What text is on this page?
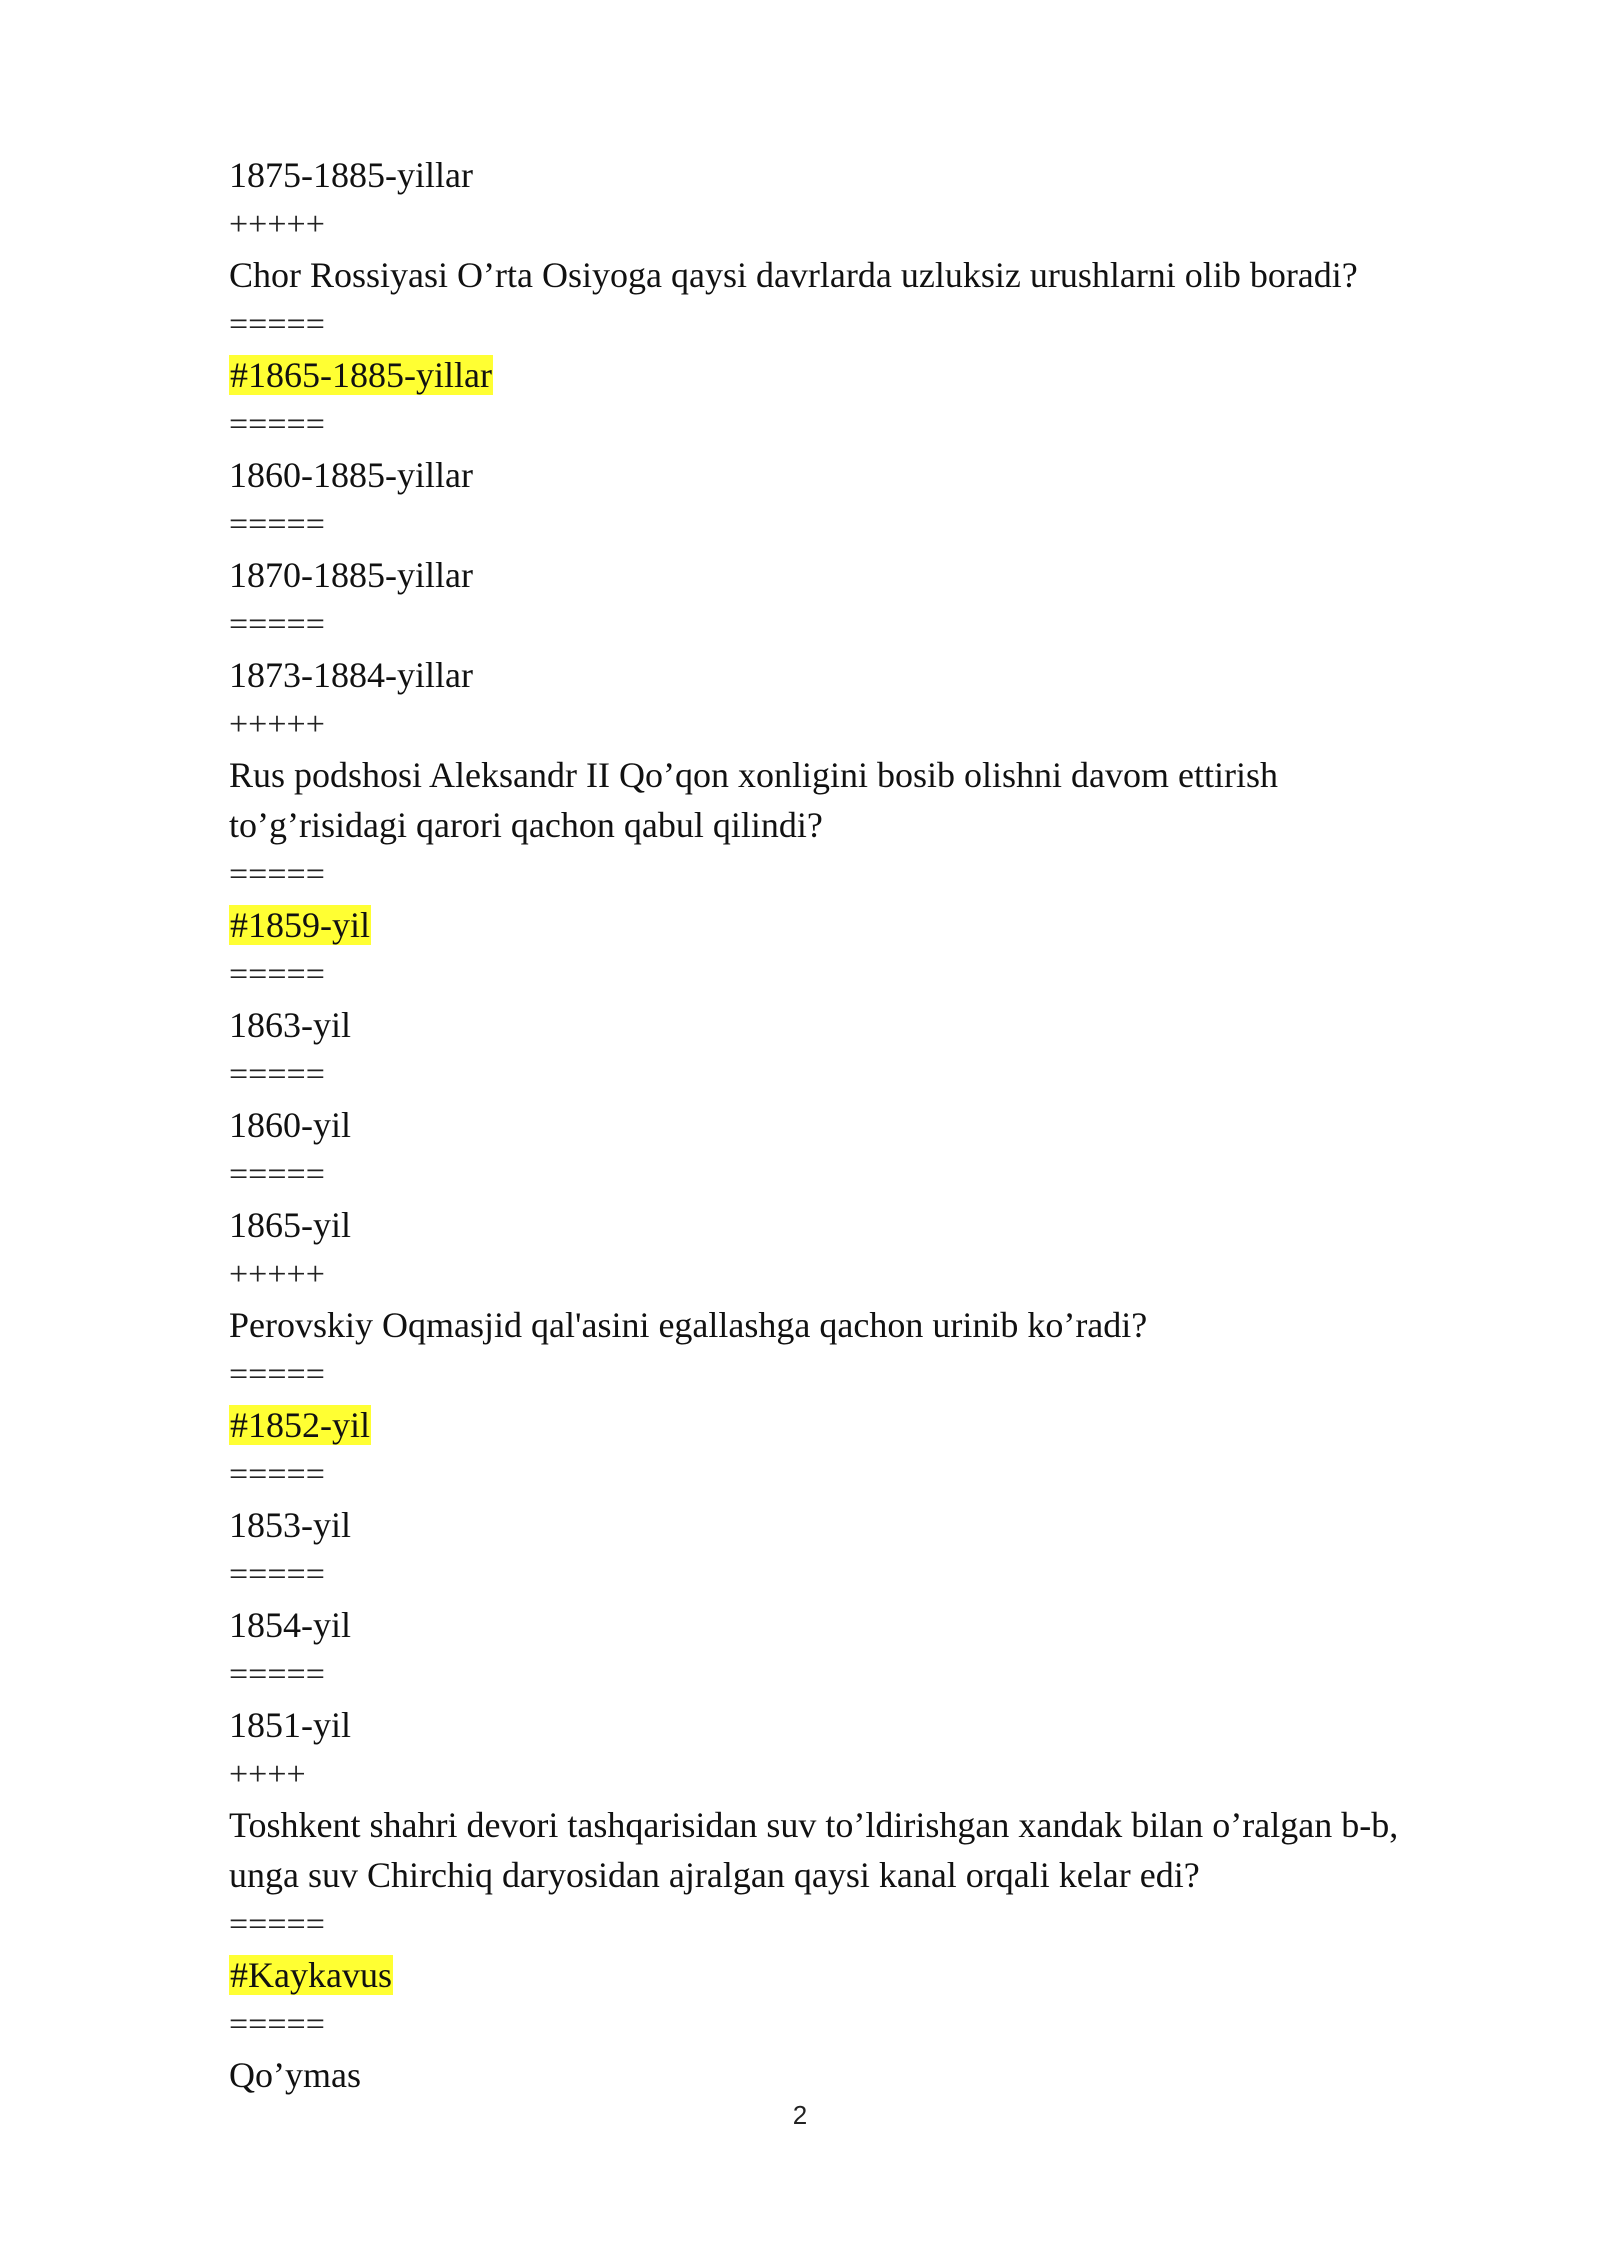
1875-1885-yillar
+++++
Chor Rossiyasi O’rta Osiyoga qaysi davrlarda uzluksiz urushlarni olib boradi?
=====
#1865-1885-yillar
=====
1860-1885-yillar
=====
1870-1885-yillar
=====
1873-1884-yillar
+++++
Rus podshosi Aleksandr II Qo’qon xonligini bosib olishni davom ettirish
to’g’risidagi qarori qachon qabul qilindi?
=====
#1859-yil
=====
1863-yil
=====
1860-yil
=====
1865-yil
+++++
Perovskiy Oqmasjid qal'asini egallashga qachon urinib ko’radi?
=====
#1852-yil
=====
1853-yil
=====
1854-yil
=====
1851-yil
++++
Toshkent shahri devori tashqarisidan suv to’ldirishgan xandak bilan o’ralgan b-b,
unga suv Chirchiq daryosidan ajralgan qaysi kanal orqali kelar edi?
=====
#Kaykavus
=====
Qo’ymas
2
